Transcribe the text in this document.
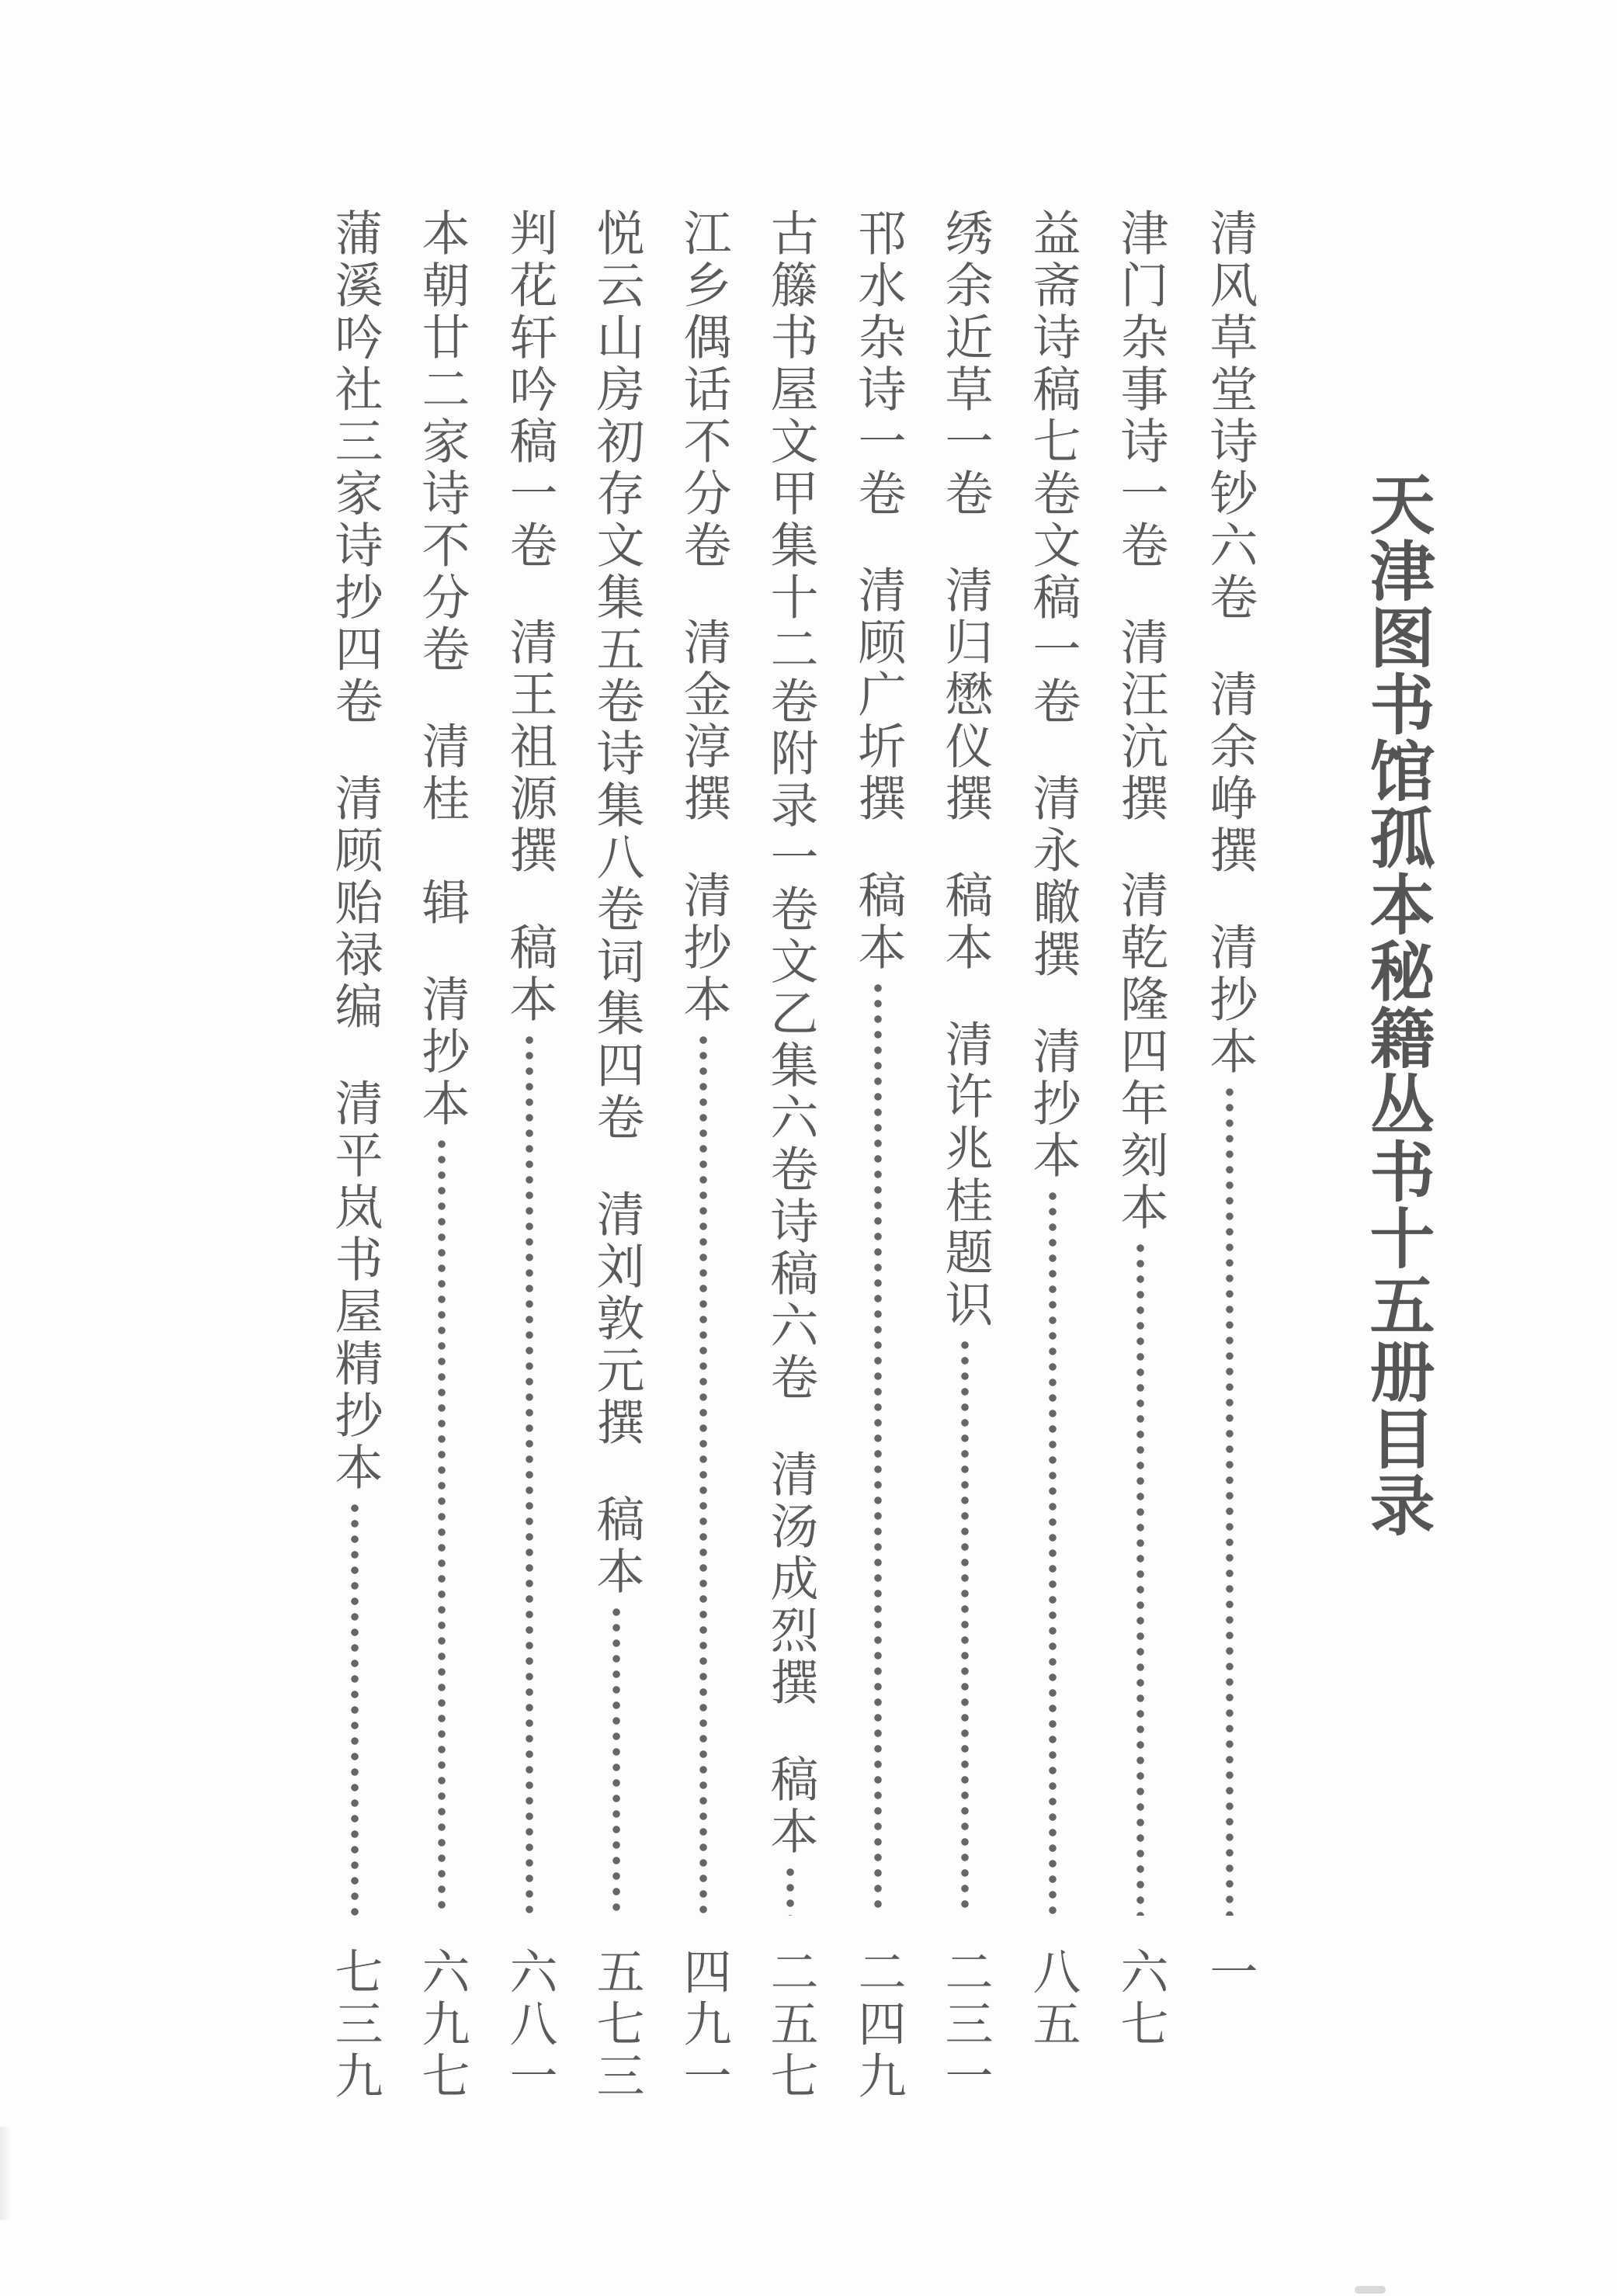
天津图书馆孤本秘籍丛书十五册目录
清风草堂诗钞六卷
清余峥撰
清抄本
一
津门杂事诗一卷
清汪沆撰
清乾隆四年刻本
六七
益斋诗稿七卷文稿一卷
清永瞮撰
清抄本
八五
绣余近草一卷
清归懋仪撰
稿本
清许兆桂题识
二三一
邗水杂诗一卷
清顾广圻撰
稿本
二四九
古籐书屋文甲集十二卷附录一卷文乙集六卷诗稿六卷
清汤成烈撰
稿本
二五七
江乡偶话不分卷
清金淳撰
清抄本
四九一
悦云山房初存文集五卷诗集八卷词集四卷
清刘敦元撰
稿本
五七三
判花轩吟稿一卷
清王祖源撰
稿本
六八一
本朝廿二家诗不分卷
清桂　辑
清抄本
六九七
蒲溪吟社三家诗抄四卷
清顾贻禄编
清平岚书屋精抄本
七三九
